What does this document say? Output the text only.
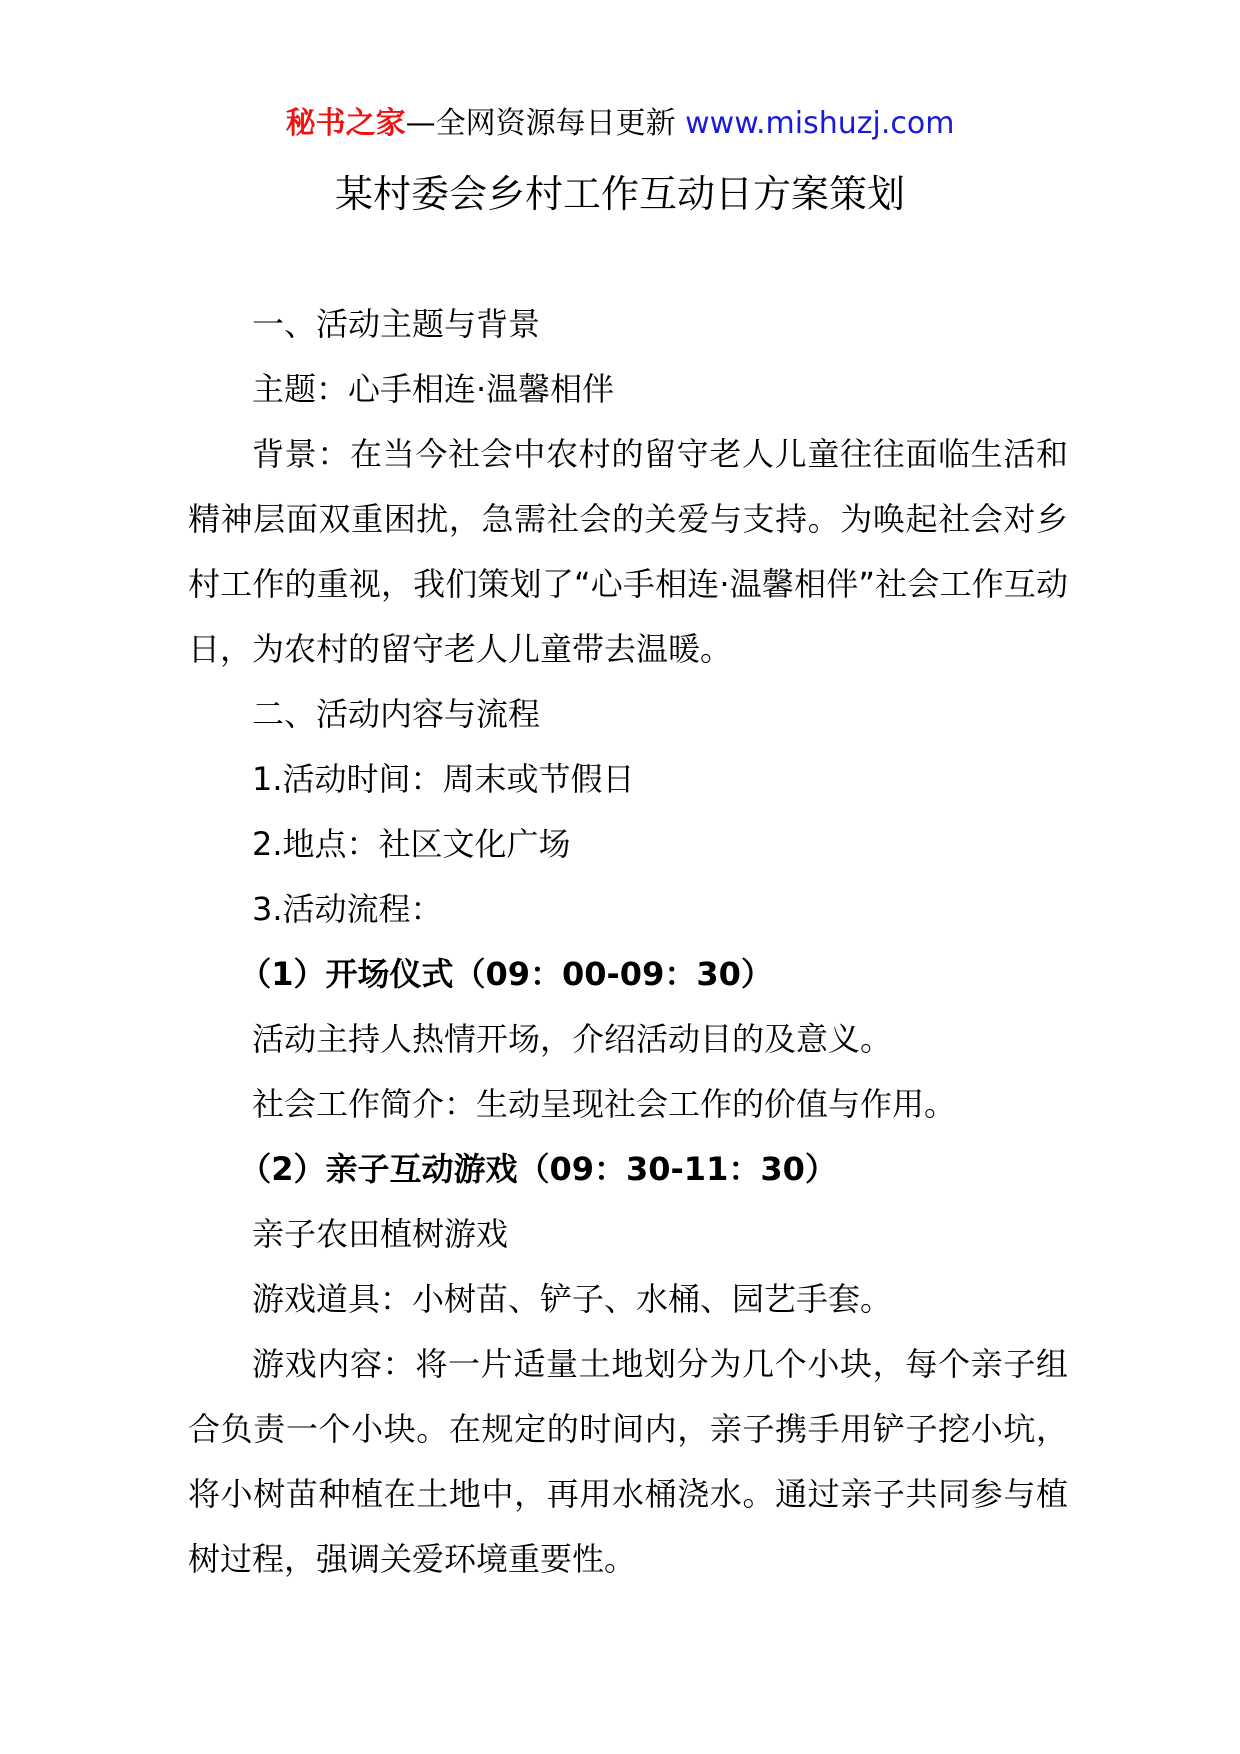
秘书之家—全网资源每日更新 www.mishuzj.com
某村委会乡村工作互动日方案策划

一、活动主题与背景

主题：心手相连·温馨相伴

背景：在当今社会中农村的留守老人儿童往往面临生活和精神层面双重困扰，急需社会的关爱与支持。为唤起社会对乡村工作的重视，我们策划了“心手相连·温馨相伴”社会工作互动日，为农村的留守老人儿童带去温暖。

二、活动内容与流程

1.活动时间：周末或节假日

2.地点：社区文化广场

3.活动流程：

（1）开场仪式（09：00-09：30）

活动主持人热情开场，介绍活动目的及意义。

社会工作简介：生动呈现社会工作的价值与作用。

（2）亲子互动游戏（09：30-11：30）

亲子农田植树游戏

游戏道具：小树苗、铲子、水桶、园艺手套。

游戏内容：将一片适量土地划分为几个小块，每个亲子组合负责一个小块。在规定的时间内，亲子携手用铲子挖小坑，将小树苗种植在土地中，再用水桶浇水。通过亲子共同参与植树过程，强调关爱环境重要性。
